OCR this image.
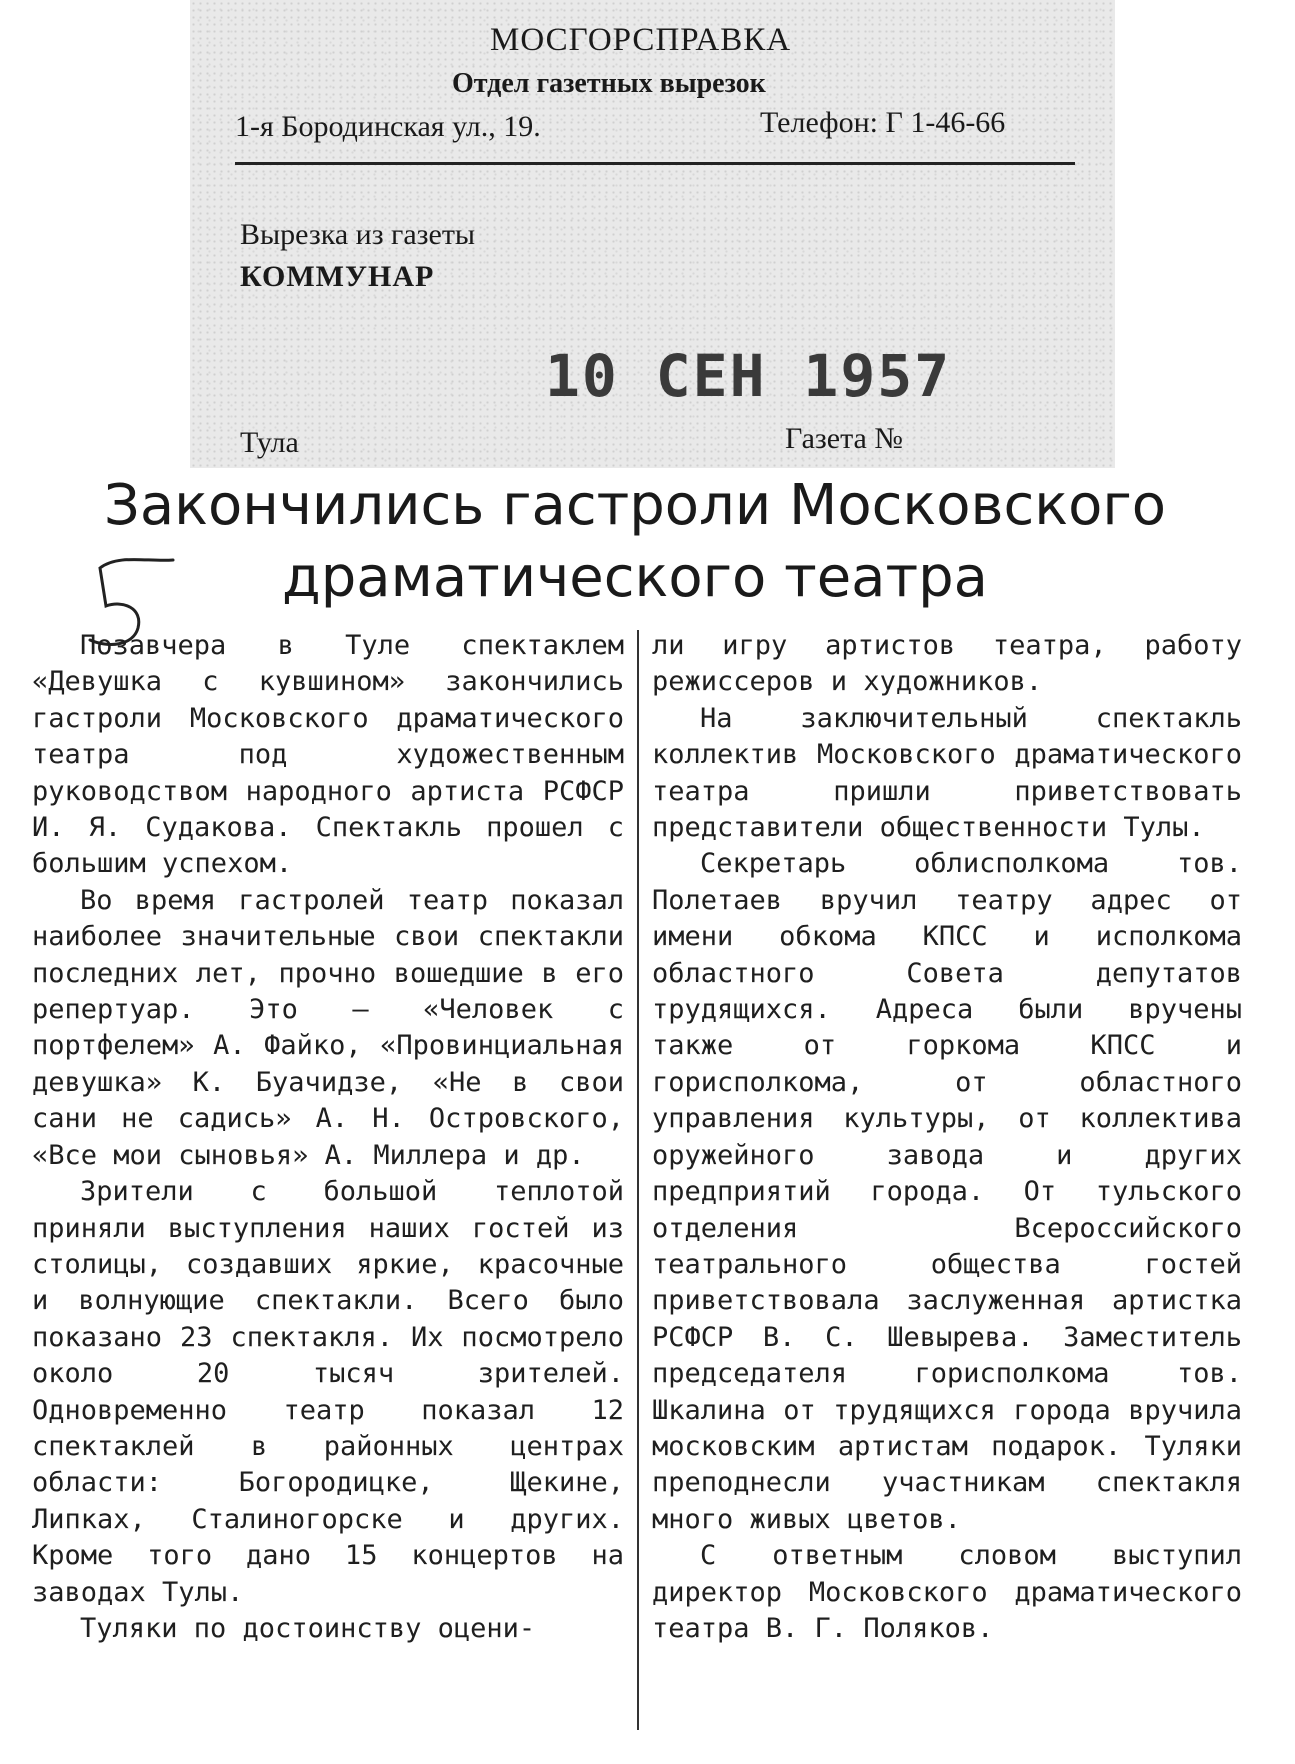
МОСГОРСПРАВКА
Отдел газетных вырезок
1-я Бородинская ул., 19.	Телефон: Г 1-46-66
Вырезка из газеты
КОММУНАР
10 СЕН 1957
Тула	Газета №
Закончились гастроли Московского
драматического театра

Позавчера в Туле спектаклем «Девушка с кувшином» закончились гастроли Московского драматического театра под художественным руководством народного артиста РСФСР И. Я. Судакова. Спектакль прошел с большим успехом.

Во время гастролей театр показал наиболее значительные свои спектакли последних лет, прочно вошедшие в его репертуар. Это — «Человек с портфелем» А. Файко, «Провинциальная девушка» К. Буачидзе, «Не в свои сани не садись» А. Н. Островского, «Все мои сыновья» А. Миллера и др.

Зрители с большой теплотой приняли выступления наших гостей из столицы, создавших яркие, красочные и волнующие спектакли. Всего было показано 23 спектакля. Их посмотрело около 20 тысяч зрителей. Одновременно театр показал 12 спектаклей в районных центрах области: Богородицке, Щекине, Липках, Сталиногорске и других. Кроме того дано 15 концертов на заводах Тулы.

Туляки по достоинству оцени-

ли игру артистов театра, работу режиссеров и художников.

На заключительный спектакль коллектив Московского драматического театра пришли приветствовать представители общественности Тулы.

Секретарь облисполкома тов. Полетаев вручил театру адрес от имени обкома КПСС и исполкома областного Совета депутатов трудящихся. Адреса были вручены также от горкома КПСС и горисполкома, от областного управления культуры, от коллектива оружейного завода и других предприятий города. От тульского отделения Всероссийского театрального общества гостей приветствовала заслуженная артистка РСФСР В. С. Шевырева. Заместитель председателя горисполкома тов. Шкалина от трудящихся города вручила московским артистам подарок. Туляки преподнесли участникам спектакля много живых цветов.

С ответным словом выступил директор Московского драматического театра В. Г. Поляков.
